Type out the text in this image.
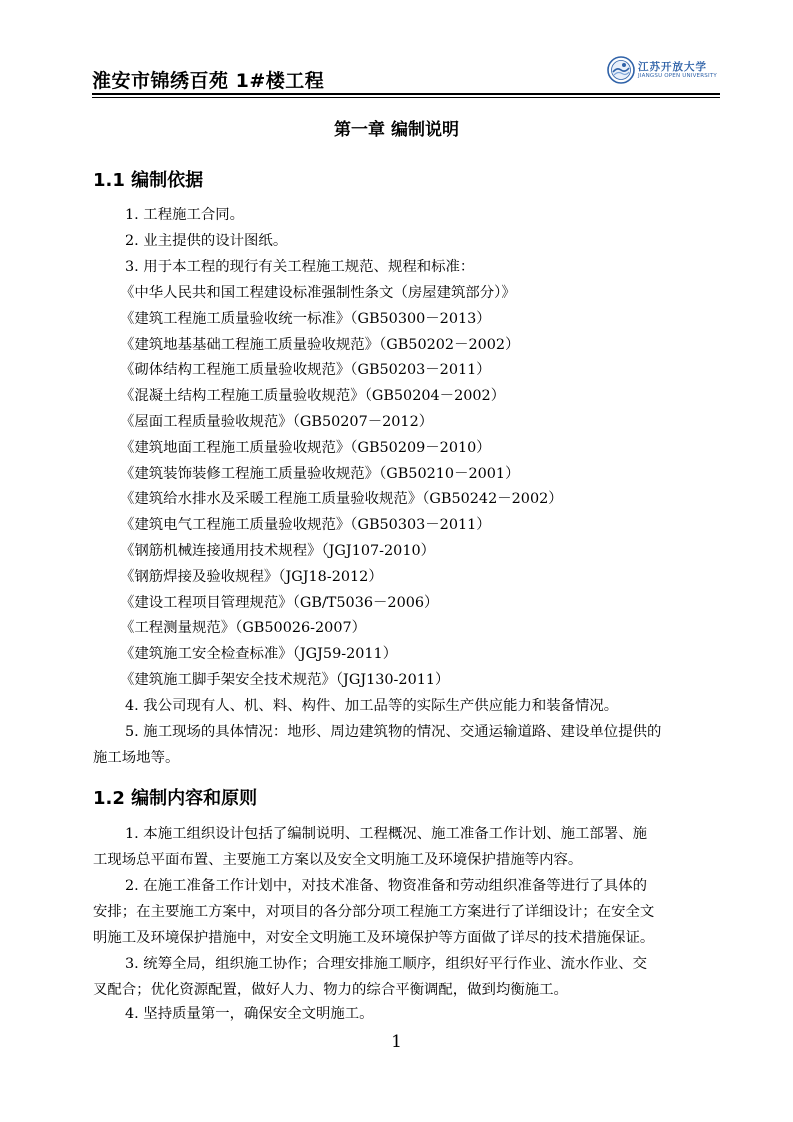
淮安市锦绣百苑 1#楼工程
江苏开放大学
JIANGSU OPEN UNIVERSITY
第一章 编制说明
1.1 编制依据
1. 工程施工合同。
2. 业主提供的设计图纸。
3. 用于本工程的现行有关工程施工规范、规程和标准：
《中华人民共和国工程建设标准强制性条文（房屋建筑部分）》
《建筑工程施工质量验收统一标准》（GB50300－2013）
《建筑地基基础工程施工质量验收规范》（GB50202－2002）
《砌体结构工程施工质量验收规范》（GB50203－2011）
《混凝土结构工程施工质量验收规范》（GB50204－2002）
《屋面工程质量验收规范》（GB50207－2012）
《建筑地面工程施工质量验收规范》（GB50209－2010）
《建筑装饰装修工程施工质量验收规范》（GB50210－2001）
《建筑给水排水及采暖工程施工质量验收规范》（GB50242－2002）
《建筑电气工程施工质量验收规范》（GB50303－2011）
《钢筋机械连接通用技术规程》（JGJ107-2010）
《钢筋焊接及验收规程》（JGJ18-2012）
《建设工程项目管理规范》（GB/T5036－2006）
《工程测量规范》（GB50026-2007）
《建筑施工安全检查标准》（JGJ59-2011）
《建筑施工脚手架安全技术规范》（JGJ130-2011）
4. 我公司现有人、机、料、构件、加工品等的实际生产供应能力和装备情况。
5. 施工现场的具体情况：地形、周边建筑物的情况、交通运输道路、建设单位提供的
施工场地等。
1.2 编制内容和原则
1. 本施工组织设计包括了编制说明、工程概况、施工准备工作计划、施工部署、施
工现场总平面布置、主要施工方案以及安全文明施工及环境保护措施等内容。
2. 在施工准备工作计划中，对技术准备、物资准备和劳动组织准备等进行了具体的
安排；在主要施工方案中，对项目的各分部分项工程施工方案进行了详细设计；在安全文
明施工及环境保护措施中，对安全文明施工及环境保护等方面做了详尽的技术措施保证。
3. 统筹全局，组织施工协作；合理安排施工顺序，组织好平行作业、流水作业、交
叉配合；优化资源配置，做好人力、物力的综合平衡调配，做到均衡施工。
4. 坚持质量第一，确保安全文明施工。
1
